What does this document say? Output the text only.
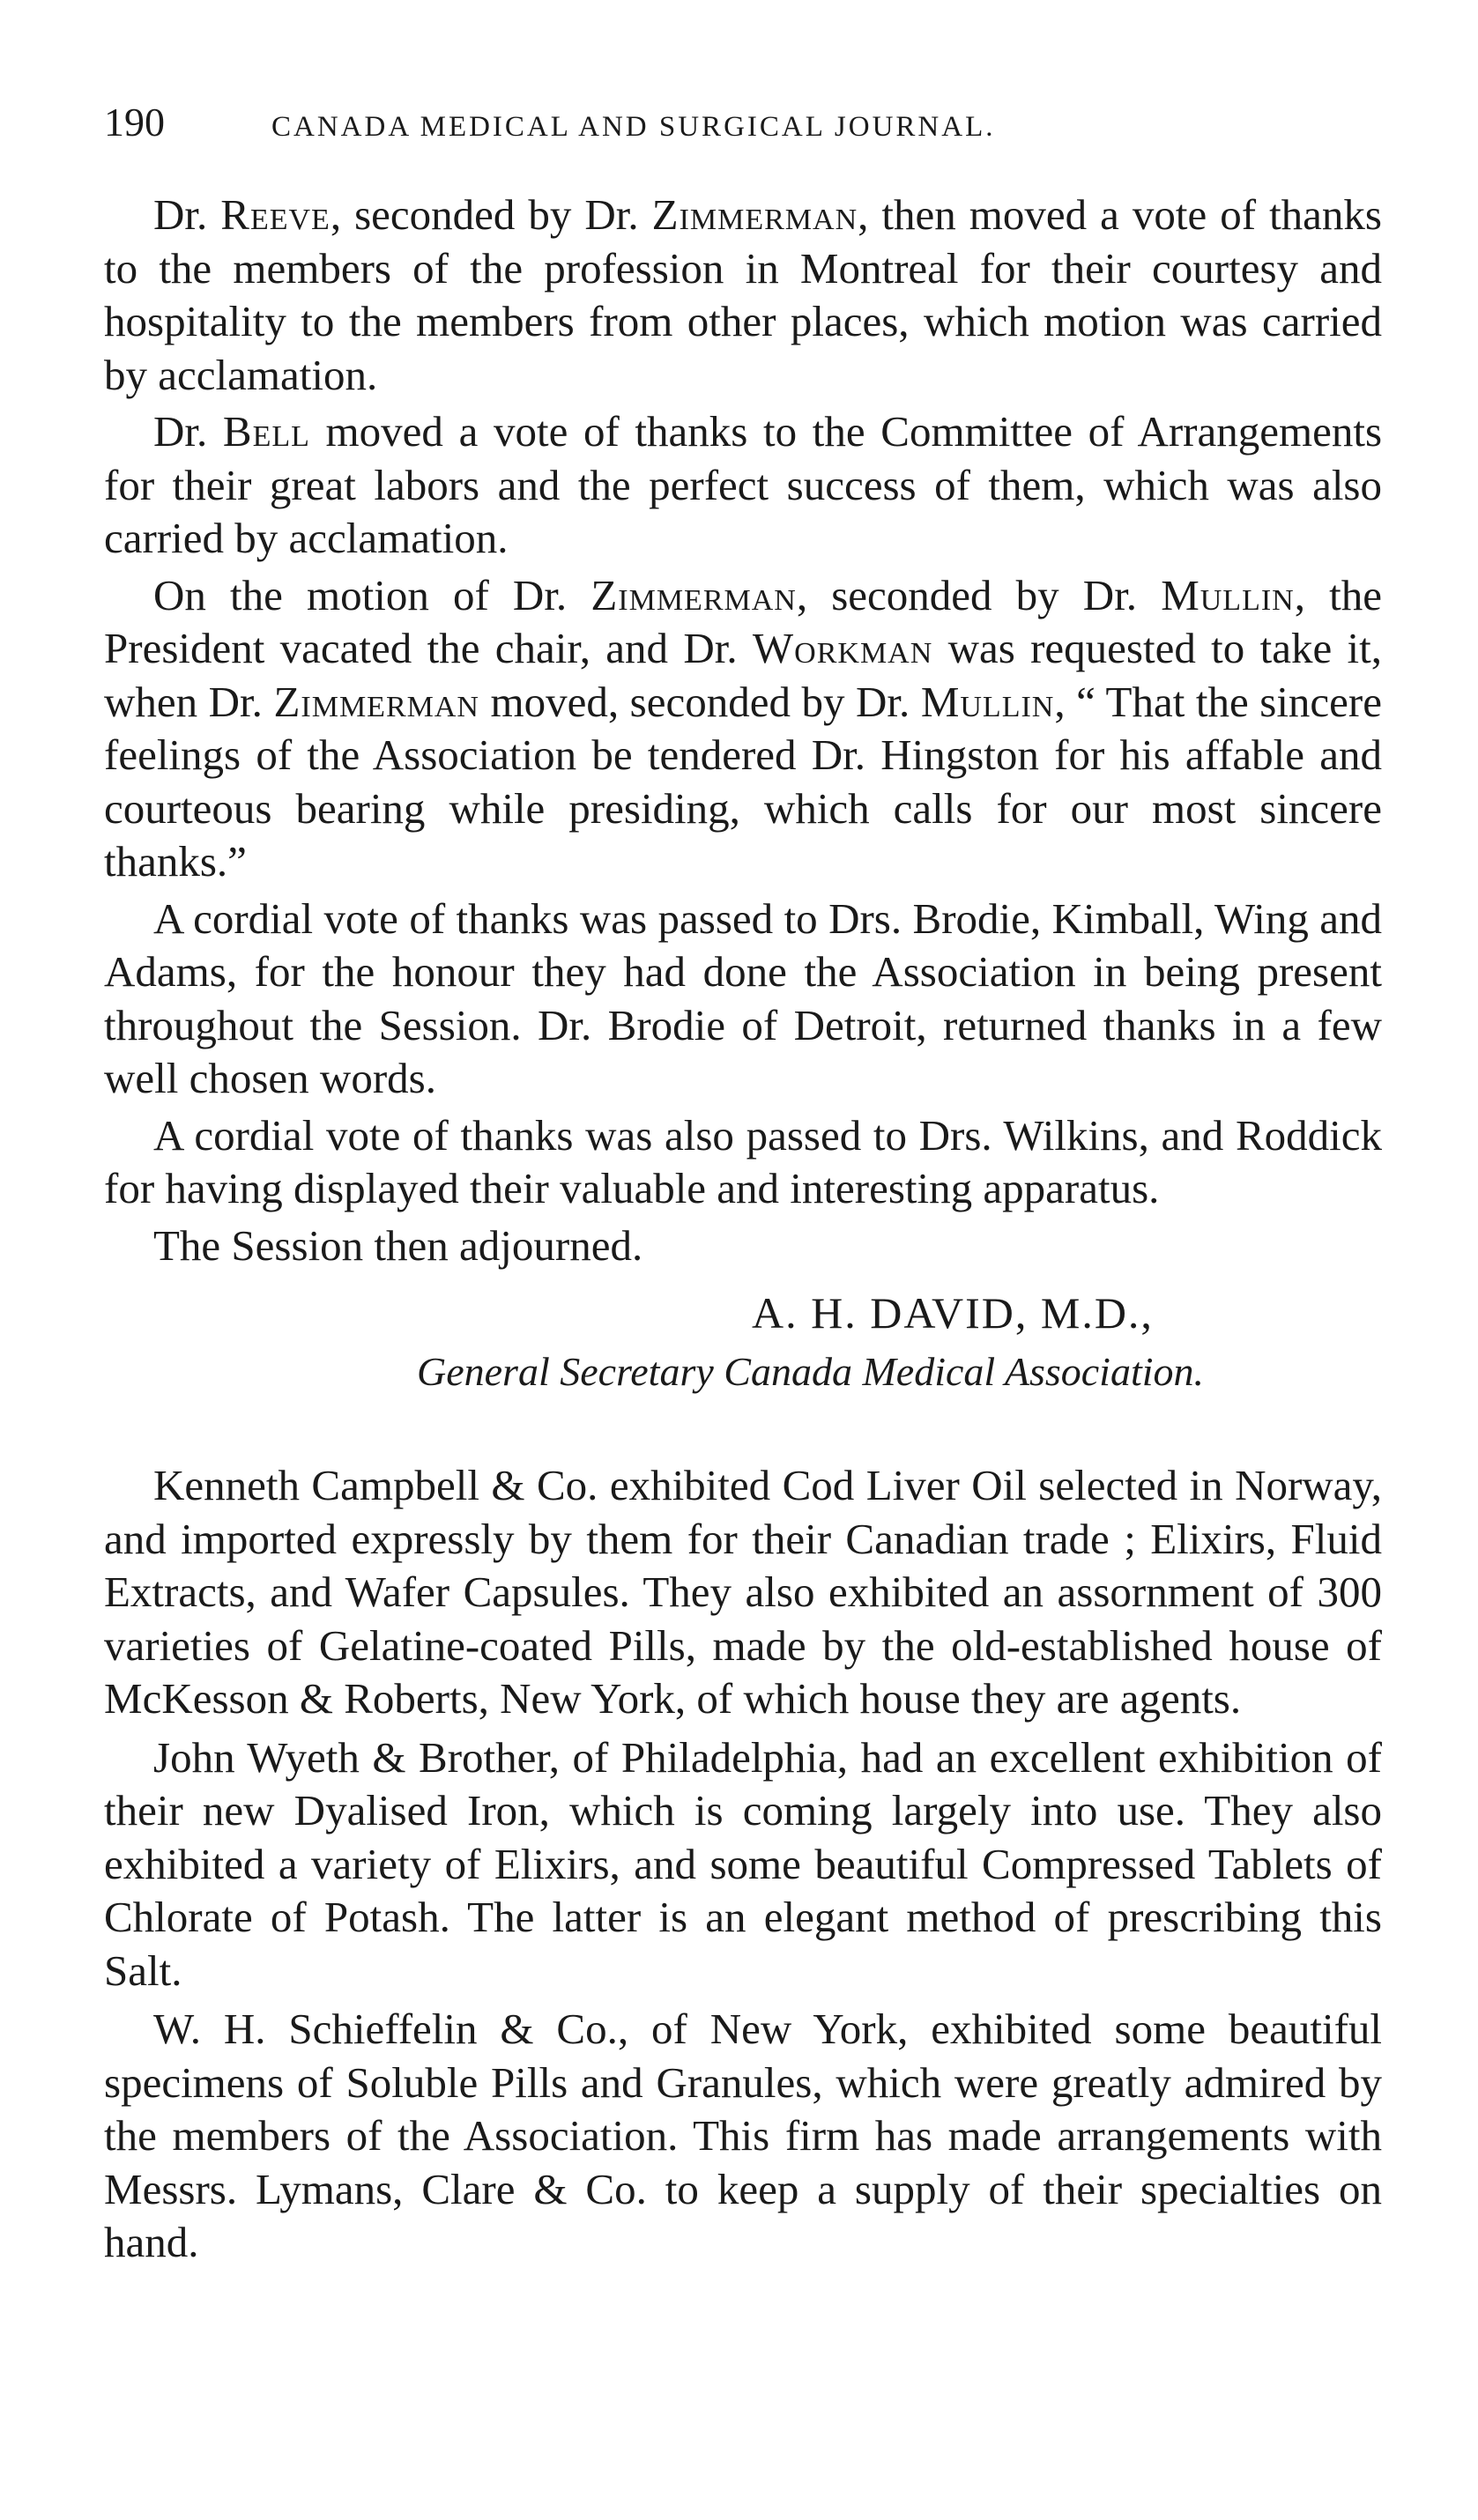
190	CANADA MEDICAL AND SURGICAL JOURNAL.

Dr. Reeve, seconded by Dr. Zimmerman, then moved a vote of thanks to the members of the profession in Montreal for their courtesy and hospitality to the members from other places, which motion was carried by acclamation.

Dr. Bell moved a vote of thanks to the Committee of Arrangements for their great labors and the perfect success of them, which was also carried by acclamation.

On the motion of Dr. Zimmerman, seconded by Dr. Mullin, the President vacated the chair, and Dr. Workman was requested to take it, when Dr. Zimmerman moved, seconded by Dr. Mullin, “ That the sincere feelings of the Association be tendered Dr. Hingston for his affable and courteous bearing while presiding, which calls for our most sincere thanks.”

A cordial vote of thanks was passed to Drs. Brodie, Kimball, Wing and Adams, for the honour they had done the Association in being present throughout the Session. Dr. Brodie of Detroit, returned thanks in a few well chosen words.

A cordial vote of thanks was also passed to Drs. Wilkins, and Roddick for having displayed their valuable and interesting apparatus.

The Session then adjourned.

A. H. DAVID, M.D.,

General Secretary Canada Medical Association.

Kenneth Campbell & Co. exhibited Cod Liver Oil selected in Norway, and imported expressly by them for their Canadian trade ; Elixirs, Fluid Extracts, and Wafer Capsules. They also exhibited an assornment of 300 varieties of Gelatine-coated Pills, made by the old-established house of McKesson & Roberts, New York, of which house they are agents.

John Wyeth & Brother, of Philadelphia, had an excellent exhibition of their new Dyalised Iron, which is coming largely into use. They also exhibited a variety of Elixirs, and some beautiful Compressed Tablets of Chlorate of Potash. The latter is an elegant method of prescribing this Salt.

W. H. Schieffelin & Co., of New York, exhibited some beautiful specimens of Soluble Pills and Granules, which were greatly admired by the members of the Association. This firm has made arrangements with Messrs. Lymans, Clare & Co. to keep a supply of their specialties on hand.
